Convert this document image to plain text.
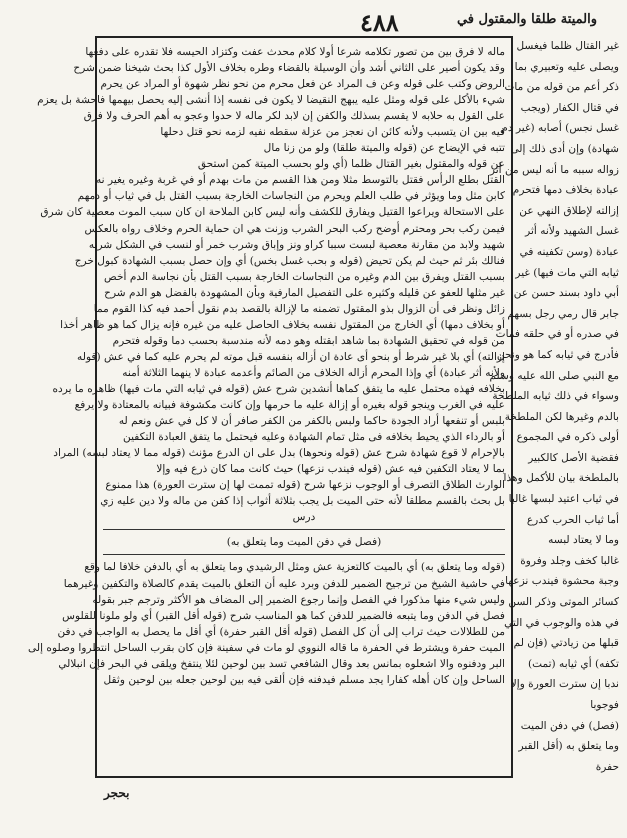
٤٨٨	والميتة طلقا والمقتول في
ماله لا فرق بين من تصور تكلامه شرعا أولا كلام محدث عفت وكتزاد الحيسه فلا تقدره على دفعها
وقد يكون أصير على الثاني أشد وأن الوسيلة بالقضاء وطره بخلاف الأول كذا بحث شيخنا ضمن شرح
الروض وكتب على قوله وعن ف المراد عن فعل محرم من نحو نظر شهوة أو المراد عن يحرم
شيء بالأكل على قوله ومثل عليه يبهج النقيضا لا يكون فى نفسه إذا أنشى إليه يحصل بيهمها فاحشة بل يعزم
على القول به حلابه لا يقسم بسذلك والكفن إن لابد لكر ماله لا حدوا وعجو به أهم الحرف ولا فرق
فيه بين ان يتسبب ولأنه كائن ان نعجز من عزلة سقطه نفيه لزمه نحو قتل دحلها
تتبه في الإيضاح عن (قوله والميتة طلقا) ولو من زنا مال
عن قوله والمقتول بغير القتال ظلما (أي ولو بحسب الميتة كمن استحق
القتل بطلع الرأس فقتل بالتوسط مثلا ومن هذا القسم من مات بهدم أو في غربة وغيره يغير نه
كابن مثل وما ويؤثر في طلب العلم ويحرم من النجاسات الخارجة بسبب القتل بل في ثياب أو دمهم
على الاستحالة ويراعوا القتيل ويفارق للكشف وأنه ليس كابن الملاحة ان كان سبب الموت معصية كان شرق
فيمن ركب بحر ومحترم أوضح ركب البحر الشرب وزنت هي ان حماية الحرم وخلاف رواه بالعكس
شهيد ولابد من مقارنة معصية لبست سببا كراو ونز وإباق وشرب خمر أو لنسب في الشكل شربه
فنالك بئر ثم حيث لم يكن تحيض (قوله و بحب غسل بخس) أي وإن حصل بسبب الشهادة كبول خرج
بسبب القتل ويفرق بين الدم وغيره من النجاسات الخارجة بسبب القتل بأن نجاسة الدم أخص
غير مثلها للعفو عن قليله وكثيره على التفصيل المارفية وبأن المشهودة بالفضل هو الدم شرح
زائل ونظر فى أن الزوال بذو المقتول تضمنه ما لإزالة بالقصد بدم نقول أحمد فيه كذا القوم مما
أو بخلاف دمها) أي الخارج من المقتول نفسه بخلاف الحاصل عليه من غيره فإنه يزال كما هو ظاهر أخذا
من قوله في تحقيق الشهادة بما شاهد ابقتله وهو دمه لأنه مندسبة بحسب دما وقوله فتحرم
إزالته) أي بلا غير شرط أو بنحو أى عادة ان أزاله بنفسه قبل موته لم يحرم عليه كما في عش (قوله
ولأنه أثر عبادة) أي وإذا المحرم أزاله الخلاف من الصائم وأعدمه عبادة لا ينهما الثلاثة أمنه
بخلافه فهذه محتمل عليه ما يتفق كماها أنشدين شرح عش (قوله في ثيابه التي مات فيها) ظاهره ما يرده
عليه في الغرب وينجو قوله بغيره أو إزالة عليه ما حرمها وإن كانت مكشوفة فبيانه بالمعتادة ولا يرفع
بلبس أو تنفعها أراد الجودة حاكما ولبس بالكفر من الكفر صافر أن لا كل في عش ونعم له
أو بالرداء الذي يحيط بخلافه فى مثل تمام الشهادة وعليه فيحتمل ما يتفق العبادة التكفين
بالإحرام لا قوع شهادة شرح عش (قوله ونحوها) بدل على ان الدرع مؤنث (قوله مما لا يعتاد لبسه) المراد
بما لا يعتاد التكفين فيه عش (قوله فيندب نزعها) حيث كانت مما كان ذرع فيه وإلا
الوارث الطلاق التصرف أو الوجوب نزعها شرح (قوله تممت لها إن سترت العورة) هذا ممنوع
بل بحث بالقسم مطلقا لأنه حتى الميت بل يجب بثلاثة أثواب إذا كفن من ماله ولا دين عليه زي
درس
(فصل في دفن الميت وما يتعلق به)
(قوله وما يتعلق به) أي بالميت كالتعزية عش ومثل الرشيدي وما يتعلق به أي بالدفن خلافا لما وقع
في حاشية الشيخ من ترجيح الضمير للدفن وبرد عليه أن التعلق بالميت يقدم كالصلاة والتكفين وغيرهما
وليس شيء منها مذكورا في الفصل وإنما رجوع الضمير إلى المضاف هو الأكثر وترجم جبر بقوله
فصل في الدفن وما يتبعه فالضمير للدفن كما هو المناسب شرح (قوله أقل القبر) أي ولو ملونا للقلوس
من للطلالات حيث تراب إلى أن كل الفصل (قوله أقل القبر حفرة) أي أقل ما يحصل به الواجب في دفن
الميت حفرة ويشترط في الحفرة ما قاله النووي لو مات في سفينة فإن كان بقرب الساحل انتظروا وصلوه إلى
البر ودفنوه والا اشعلوه بمانس بعد وقال الشافعي تسد بين لوحين لئلا ينتفخ ويلقى في البحر فإن انبلالي
الساحل وإن كان أهله كفارا يجد مسلم فيدفنه فإن ألقى فيه بين لوحين جعله بين لوحين وثقل
غير القتال ظلما فيغسل
ويصلى عليه وتعبيري بما
ذكر أعم من قوله من مات
في قتال الكفار (ويجب
غسل نجس) أصابه (غير دم
شهادة) وإن أدى ذلك إلى
زواله سببه ما أنه ليس من أثر
عبادة بخلاف دمها فتحرم
إزالته لإطلاق النهي عن
غسل الشهيد ولأنه أثر
عبادة (وسن تكفينه في
ثيابه التي مات فيها) غير
أبي داود بسند حسن عن
جابر قال رمي رجل بسهم
في صدره أو في حلقه فمات
فأدرج في ثيابه كما هو ونحن
مع النبي صلى الله عليه وسلم
وسواء في ذلك ثيابه الملطخة
بالدم وغيرها لكن الملطخة
أولى ذكره في المجموع
فقضية الأصل كالكبير
بالملطخة بيان للأكمل وهذا
في ثياب اعتيد لبسها غالبا
أما ثياب الحرب كدرع
وما لا يعتاد لبسه
غالبا كخف وجلد وفروة
وجبة محشوة فيندب نزعها
كسائر الموتى وذكر السن
في هذه والوجوب في التي
قبلها من زيادتي (فإن لم
تكفه) أي ثيابه (تمت)
ندبا إن سترت العورة وإلا
فوجوبا
(فصل) في دفن الميت
وما يتعلق به (أقل القبر
حفرة
بحجر
